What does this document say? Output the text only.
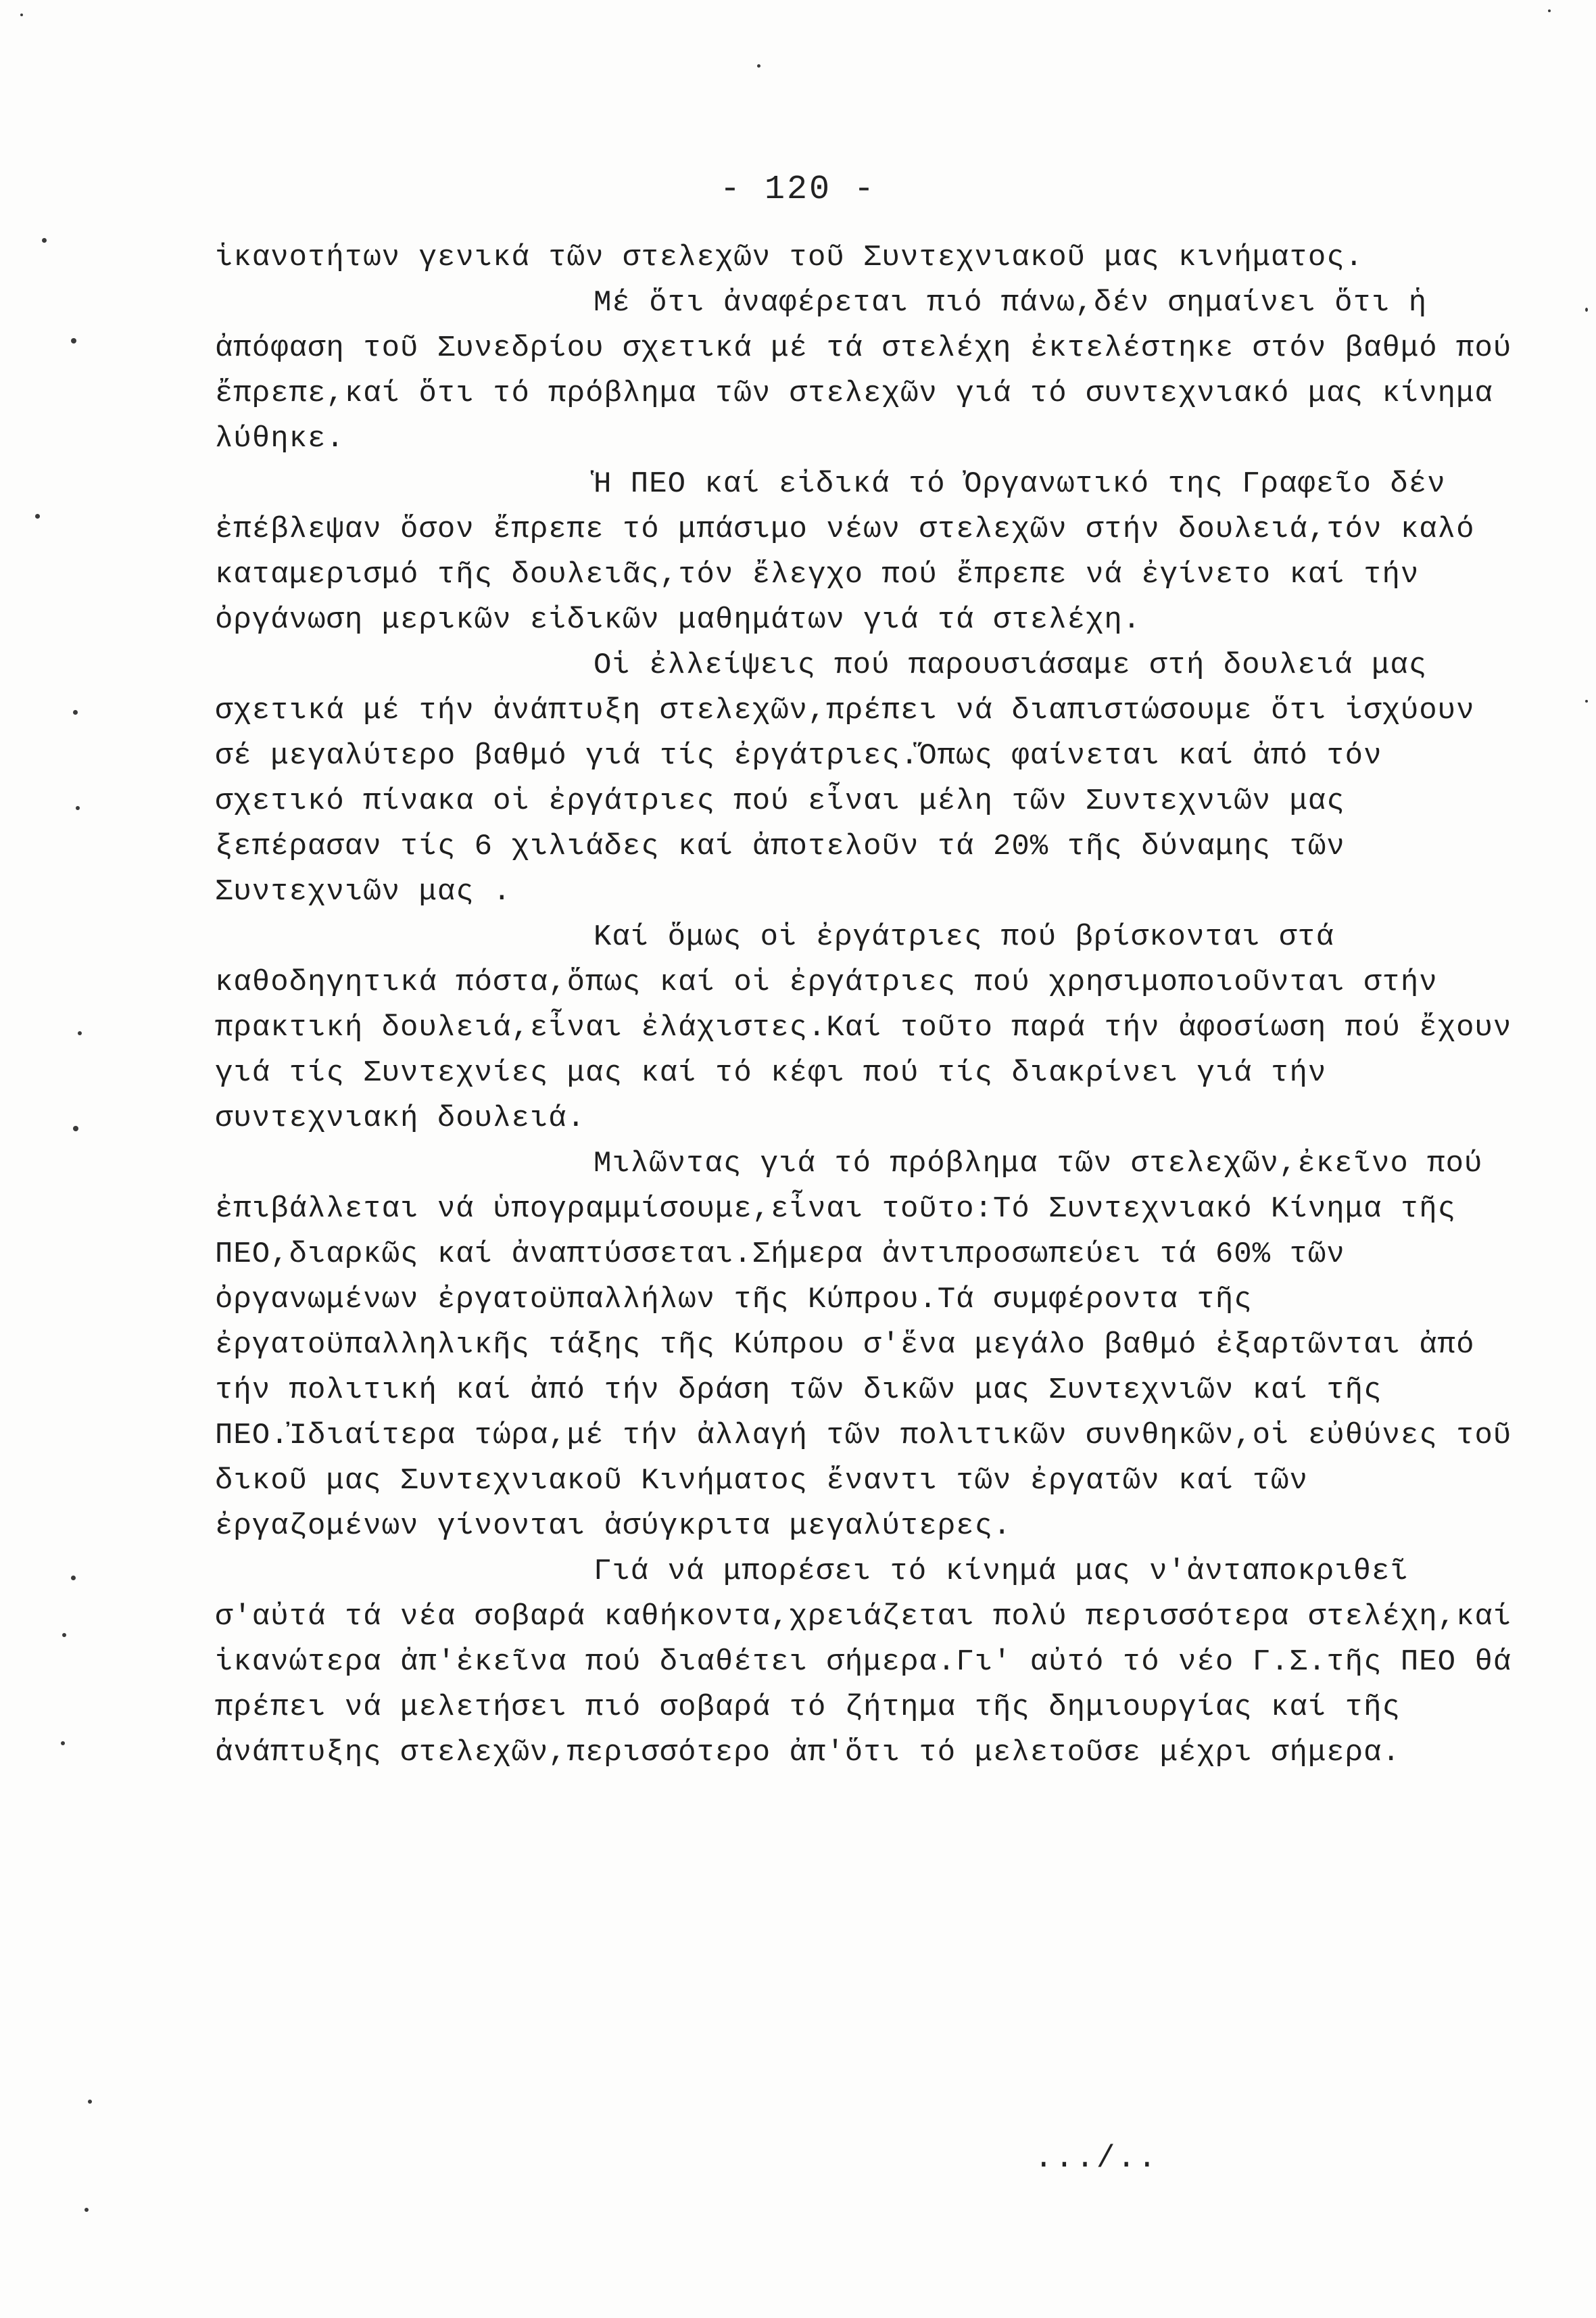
- 120 -

ἱκανοτήτων γενικά τῶν στελεχῶν τοῦ Συντεχνιακοῦ μας κινήματος.

Μέ ὅτι ἀναφέρεται πιό πάνω,δέν σημαίνει ὅτι ἡ ἀπόφαση τοῦ Συνεδρίου σχετικά μέ τά στελέχη ἐκτελέστηκε στόν βαθμό πού ἔπρεπε,καί ὅτι τό πρόβλημα τῶν στελεχῶν γιά τό συντεχνιακό μας κίνημα λύθηκε.

Ἡ ΠΕΟ καί εἰδικά τό Ὀργανωτικό της Γραφεῖο δέν ἐπέβλεψαν ὅσον ἔπρεπε τό μπάσιμο νέων στελεχῶν στήν δουλειά,τόν καλό καταμερισμό τῆς δουλειᾶς,τόν ἔλεγχο πού ἔπρεπε νά ἐγίνετο καί τήν ὀργάνωση μερικῶν εἰδικῶν μαθημάτων γιά τά στελέχη.

Οἱ ἐλλείψεις πού παρουσιάσαμε στή δουλειά μας σχετικά μέ τήν ἀνάπτυξη στελεχῶν,πρέπει νά διαπιστώσουμε ὅτι ἰσχύουν σέ μεγαλύτερο βαθμό γιά τίς ἐργάτριες.Ὅπως φαίνεται καί ἀπό τόν σχετικό πίνακα οἱ ἐργάτριες πού εἶναι μέλη τῶν Συντεχνιῶν μας ξεπέρασαν τίς 6 χιλιάδες καί ἀποτελοῦν τά 20% τῆς δύναμης τῶν Συντεχνιῶν μας .

Καί ὅμως οἱ ἐργάτριες πού βρίσκονται στά καθοδηγητικά πόστα,ὅπως καί οἱ ἐργάτριες πού χρησιμοποιοῦνται στήν πρακτική δουλειά,εἶναι ἐλάχιστες.Καί τοῦτο παρά τήν ἀφοσίωση πού ἔχουν γιά τίς Συντεχνίες μας καί τό κέφι πού τίς διακρίνει γιά τήν συντεχνιακή δουλειά.

Μιλῶντας γιά τό πρόβλημα τῶν στελεχῶν,ἐκεῖνο πού ἐπιβάλλεται νά ὑπογραμμίσουμε,εἶναι τοῦτο:Τό Συντεχνιακό Κίνημα τῆς ΠΕΟ,διαρκῶς καί ἀναπτύσσεται.Σήμερα ἀντιπροσωπεύει τά 60% τῶν ὀργανωμένων ἐργατοϋπαλλήλων τῆς Κύπρου.Τά συμφέροντα τῆς ἐργατοϋπαλληλικῆς τάξης τῆς Κύπρου σ'ἕνα μεγάλο βαθμό ἐξαρτῶνται ἀπό τήν πολιτική καί ἀπό τήν δράση τῶν δικῶν μας Συντεχνιῶν καί τῆς ΠΕΟ.Ἰδιαίτερα τώρα,μέ τήν ἀλλαγή τῶν πολιτικῶν συνθηκῶν,οἱ εὐθύνες τοῦ δικοῦ μας Συντεχνιακοῦ Κινήματος ἔναντι τῶν ἐργατῶν καί τῶν ἐργαζομένων γίνονται ἀσύγκριτα μεγαλύτερες.

Γιά νά μπορέσει τό κίνημά μας ν'ἀνταποκριθεῖ σ'αὐτά τά νέα σοβαρά καθήκοντα,χρειάζεται πολύ περισσότερα στελέχη,καί ἱκανώτερα ἀπ'ἐκεῖνα πού διαθέτει σήμερα.Γι' αὐτό τό νέο Γ.Σ.τῆς ΠΕΟ θά πρέπει νά μελετήσει πιό σοβαρά τό ζήτημα τῆς δημιουργίας καί τῆς ἀνάπτυξης στελεχῶν,περισσότερο ἀπ'ὅτι τό μελετοῦσε μέχρι σήμερα.

.../..
